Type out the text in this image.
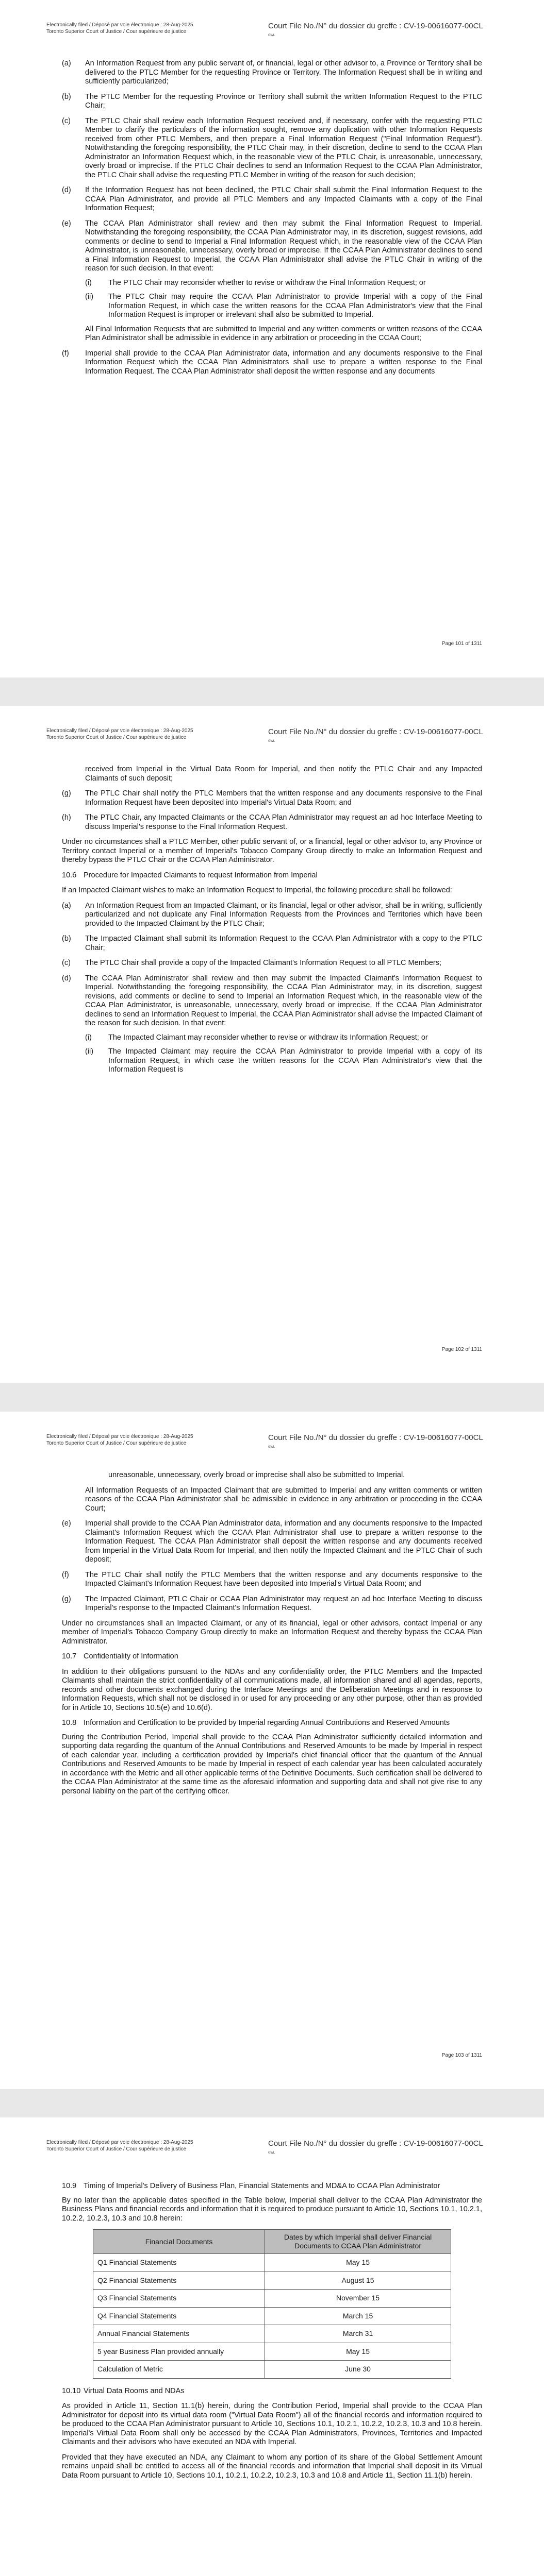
Electronically filed / Déposé par voie électronique : 28-Aug-2025
Toronto Superior Court of Justice / Cour supérieure de justice
Court File No./N° du dossier du greffe : CV-19-00616077-00CL
ᴳᵂᴸ
(a)	An Information Request from any public servant of, or financial, legal or other advisor to, a Province or Territory shall be delivered to the PTLC Member for the requesting Province or Territory. The Information Request shall be in writing and sufficiently particularized;
(b)	The PTLC Member for the requesting Province or Territory shall submit the written Information Request to the PTLC Chair;
(c)	The PTLC Chair shall review each Information Request received and, if necessary, confer with the requesting PTLC Member to clarify the particulars of the information sought, remove any duplication with other Information Requests received from other PTLC Members, and then prepare a Final Information Request ("Final Information Request"). Notwithstanding the foregoing responsibility, the PTLC Chair may, in their discretion, decline to send to the CCAA Plan Administrator an Information Request which, in the reasonable view of the PTLC Chair, is unreasonable, unnecessary, overly broad or imprecise. If the PTLC Chair declines to send an Information Request to the CCAA Plan Administrator, the PTLC Chair shall advise the requesting PTLC Member in writing of the reason for such decision;
(d)	If the Information Request has not been declined, the PTLC Chair shall submit the Final Information Request to the CCAA Plan Administrator, and provide all PTLC Members and any Impacted Claimants with a copy of the Final Information Request;
(e)	The CCAA Plan Administrator shall review and then may submit the Final Information Request to Imperial. Notwithstanding the foregoing responsibility, the CCAA Plan Administrator may, in its discretion, suggest revisions, add comments or decline to send to Imperial a Final Information Request which, in the reasonable view of the CCAA Plan Administrator, is unreasonable, unnecessary, overly broad or imprecise. If the CCAA Plan Administrator declines to send a Final Information Request to Imperial, the CCAA Plan Administrator shall advise the PTLC Chair in writing of the reason for such decision. In that event:
(i)	The PTLC Chair may reconsider whether to revise or withdraw the Final Information Request; or
(ii)	The PTLC Chair may require the CCAA Plan Administrator to provide Imperial with a copy of the Final Information Request, in which case the written reasons for the CCAA Plan Administrator's view that the Final Information Request is improper or irrelevant shall also be submitted to Imperial.
All Final Information Requests that are submitted to Imperial and any written comments or written reasons of the CCAA Plan Administrator shall be admissible in evidence in any arbitration or proceeding in the CCAA Court;
(f)	Imperial shall provide to the CCAA Plan Administrator data, information and any documents responsive to the Final Information Request which the CCAA Plan Administrators shall use to prepare a written response to the Final Information Request. The CCAA Plan Administrator shall deposit the written response and any documents
Page 101 of 1311
Electronically filed / Déposé par voie électronique : 28-Aug-2025
Toronto Superior Court of Justice / Cour supérieure de justice
Court File No./N° du dossier du greffe : CV-19-00616077-00CL
ᴳᵂᴸ
received from Imperial in the Virtual Data Room for Imperial, and then notify the PTLC Chair and any Impacted Claimants of such deposit;
(g)	The PTLC Chair shall notify the PTLC Members that the written response and any documents responsive to the Final Information Request have been deposited into Imperial's Virtual Data Room; and
(h)	The PTLC Chair, any Impacted Claimants or the CCAA Plan Administrator may request an ad hoc Interface Meeting to discuss Imperial's response to the Final Information Request.
Under no circumstances shall a PTLC Member, other public servant of, or a financial, legal or other advisor to, any Province or Territory contact Imperial or a member of Imperial's Tobacco Company Group directly to make an Information Request and thereby bypass the PTLC Chair or the CCAA Plan Administrator.
10.6 Procedure for Impacted Claimants to request Information from Imperial
If an Impacted Claimant wishes to make an Information Request to Imperial, the following procedure shall be followed:
(a)	An Information Request from an Impacted Claimant, or its financial, legal or other advisor, shall be in writing, sufficiently particularized and not duplicate any Final Information Requests from the Provinces and Territories which have been provided to the Impacted Claimant by the PTLC Chair;
(b)	The Impacted Claimant shall submit its Information Request to the CCAA Plan Administrator with a copy to the PTLC Chair;
(c)	The PTLC Chair shall provide a copy of the Impacted Claimant's Information Request to all PTLC Members;
(d)	The CCAA Plan Administrator shall review and then may submit the Impacted Claimant's Information Request to Imperial. Notwithstanding the foregoing responsibility, the CCAA Plan Administrator may, in its discretion, suggest revisions, add comments or decline to send to Imperial an Information Request which, in the reasonable view of the CCAA Plan Administrator, is unreasonable, unnecessary, overly broad or imprecise. If the CCAA Plan Administrator declines to send an Information Request to Imperial, the CCAA Plan Administrator shall advise the Impacted Claimant of the reason for such decision. In that event:
(i)	The Impacted Claimant may reconsider whether to revise or withdraw its Information Request; or
(ii)	The Impacted Claimant may require the CCAA Plan Administrator to provide Imperial with a copy of its Information Request, in which case the written reasons for the CCAA Plan Administrator's view that the Information Request is
Page 102 of 1311
Electronically filed / Déposé par voie électronique : 28-Aug-2025
Toronto Superior Court of Justice / Cour supérieure de justice
Court File No./N° du dossier du greffe : CV-19-00616077-00CL
ᴳᵂᴸ
unreasonable, unnecessary, overly broad or imprecise shall also be submitted to Imperial.
All Information Requests of an Impacted Claimant that are submitted to Imperial and any written comments or written reasons of the CCAA Plan Administrator shall be admissible in evidence in any arbitration or proceeding in the CCAA Court;
(e)	Imperial shall provide to the CCAA Plan Administrator data, information and any documents responsive to the Impacted Claimant's Information Request which the CCAA Plan Administrator shall use to prepare a written response to the Information Request. The CCAA Plan Administrator shall deposit the written response and any documents received from Imperial in the Virtual Data Room for Imperial, and then notify the Impacted Claimant and the PTLC Chair of such deposit;
(f)	The PTLC Chair shall notify the PTLC Members that the written response and any documents responsive to the Impacted Claimant's Information Request have been deposited into Imperial's Virtual Data Room; and
(g)	The Impacted Claimant, PTLC Chair or CCAA Plan Administrator may request an ad hoc Interface Meeting to discuss Imperial's response to the Impacted Claimant's Information Request.
Under no circumstances shall an Impacted Claimant, or any of its financial, legal or other advisors, contact Imperial or any member of Imperial's Tobacco Company Group directly to make an Information Request and thereby bypass the CCAA Plan Administrator.
10.7 Confidentiality of Information
In addition to their obligations pursuant to the NDAs and any confidentiality order, the PTLC Members and the Impacted Claimants shall maintain the strict confidentiality of all communications made, all information shared and all agendas, reports, records and other documents exchanged during the Interface Meetings and the Deliberation Meetings and in response to Information Requests, which shall not be disclosed in or used for any proceeding or any other purpose, other than as provided for in Article 10, Sections 10.5(e) and 10.6(d).
10.8 Information and Certification to be provided by Imperial regarding Annual Contributions and Reserved Amounts
During the Contribution Period, Imperial shall provide to the CCAA Plan Administrator sufficiently detailed information and supporting data regarding the quantum of the Annual Contributions and Reserved Amounts to be made by Imperial in respect of each calendar year, including a certification provided by Imperial's chief financial officer that the quantum of the Annual Contributions and Reserved Amounts to be made by Imperial in respect of each calendar year has been calculated accurately in accordance with the Metric and all other applicable terms of the Definitive Documents. Such certification shall be delivered to the CCAA Plan Administrator at the same time as the aforesaid information and supporting data and shall not give rise to any personal liability on the part of the certifying officer.
Page 103 of 1311
Electronically filed / Déposé par voie électronique : 28-Aug-2025
Toronto Superior Court of Justice / Cour supérieure de justice
Court File No./N° du dossier du greffe : CV-19-00616077-00CL
ᴳᵂᴸ
10.9 Timing of Imperial's Delivery of Business Plan, Financial Statements and MD&A to CCAA Plan Administrator
By no later than the applicable dates specified in the Table below, Imperial shall deliver to the CCAA Plan Administrator the Business Plans and financial records and information that it is required to produce pursuant to Article 10, Sections 10.1, 10.2.1, 10.2.2, 10.2.3, 10.3 and 10.8 herein:
Financial Documents	Dates by which Imperial shall deliver Financial Documents to CCAA Plan Administrator
Q1 Financial Statements	May 15
Q2 Financial Statements	August 15
Q3 Financial Statements	November 15
Q4 Financial Statements	March 15
Annual Financial Statements	March 31
5 year Business Plan provided annually	May 15
Calculation of Metric	June 30
10.10 Virtual Data Rooms and NDAs
As provided in Article 11, Section 11.1(b) herein, during the Contribution Period, Imperial shall provide to the CCAA Plan Administrator for deposit into its virtual data room ("Virtual Data Room") all of the financial records and information required to be produced to the CCAA Plan Administrator pursuant to Article 10, Sections 10.1, 10.2.1, 10.2.2, 10.2.3, 10.3 and 10.8 herein. Imperial's Virtual Data Room shall only be accessed by the CCAA Plan Administrators, Provinces, Territories and Impacted Claimants and their advisors who have executed an NDA with Imperial.
Provided that they have executed an NDA, any Claimant to whom any portion of its share of the Global Settlement Amount remains unpaid shall be entitled to access all of the financial records and information that Imperial shall deposit in its Virtual Data Room pursuant to Article 10, Sections 10.1, 10.2.1, 10.2.2, 10.2.3, 10.3 and 10.8 and Article 11, Section 11.1(b) herein.
